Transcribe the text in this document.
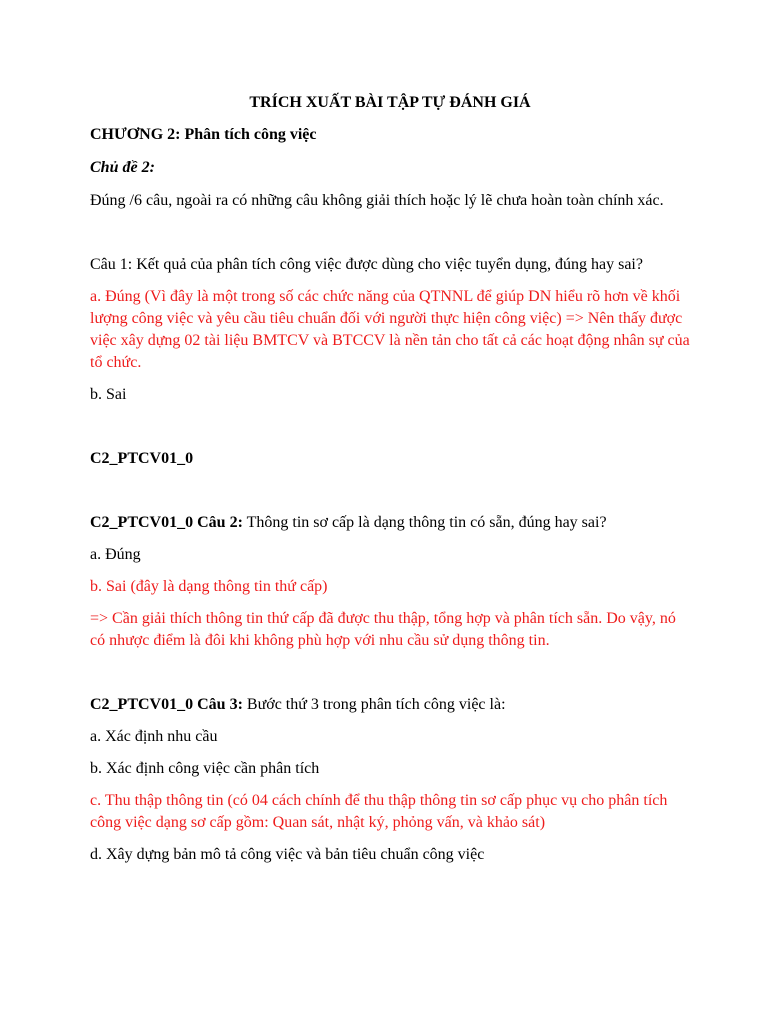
TRÍCH XUẤT BÀI TẬP TỰ ĐÁNH GIÁ

CHƯƠNG 2: Phân tích công việc

Chủ đề 2:

Đúng /6 câu, ngoài ra có những câu không giải thích hoặc lý lẽ chưa hoàn toàn chính xác.

Câu 1: Kết quả của phân tích công việc được dùng cho việc tuyển dụng, đúng hay sai?

a. Đúng (Vì đây là một trong số các chức năng của QTNNL để giúp DN hiểu rõ hơn về khối lượng công việc và yêu cầu tiêu chuẩn đối với người thực hiện công việc) => Nên thấy được việc xây dựng 02 tài liệu BMTCV và BTCCV là nền tản cho tất cả các hoạt động nhân sự của tổ chức.

b. Sai

C2_PTCV01_0

C2_PTCV01_0 Câu 2: Thông tin sơ cấp là dạng thông tin có sẵn, đúng hay sai?

a. Đúng

b. Sai (đây là dạng thông tin thứ cấp)

=> Cần giải thích thông tin thứ cấp đã được thu thập, tổng hợp và phân tích sẵn. Do vậy, nó có nhược điểm là đôi khi không phù hợp với nhu cầu sử dụng thông tin.

C2_PTCV01_0 Câu 3: Bước thứ 3 trong phân tích công việc là:

a. Xác định nhu cầu

b. Xác định công việc cần phân tích

c. Thu thập thông tin (có 04 cách chính để thu thập thông tin sơ cấp phục vụ cho phân tích công việc dạng sơ cấp gồm: Quan sát, nhật ký, phỏng vấn, và khảo sát)

d. Xây dựng bản mô tả công việc và bản tiêu chuẩn công việc
